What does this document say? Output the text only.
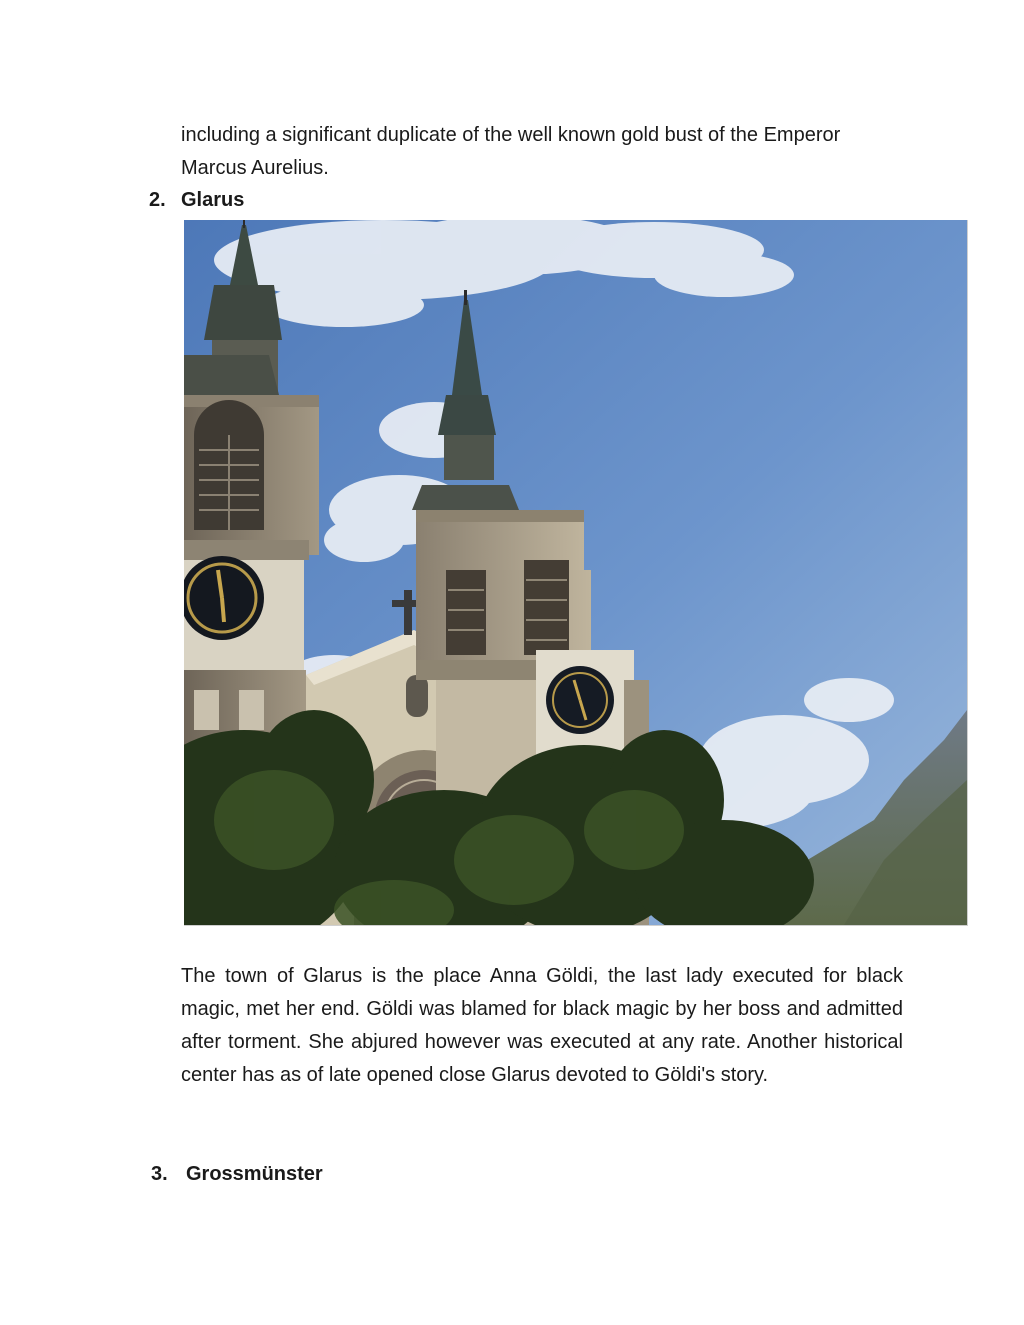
including a significant duplicate of the well known gold bust of the Emperor Marcus Aurelius.

2. Glarus

The town of Glarus is the place Anna Göldi, the last lady executed for black magic, met her end. Göldi was blamed for black magic by her boss and admitted after torment. She abjured however was executed at any rate. Another historical center has as of late opened close Glarus devoted to Göldi's story.

3. Grossmünster
